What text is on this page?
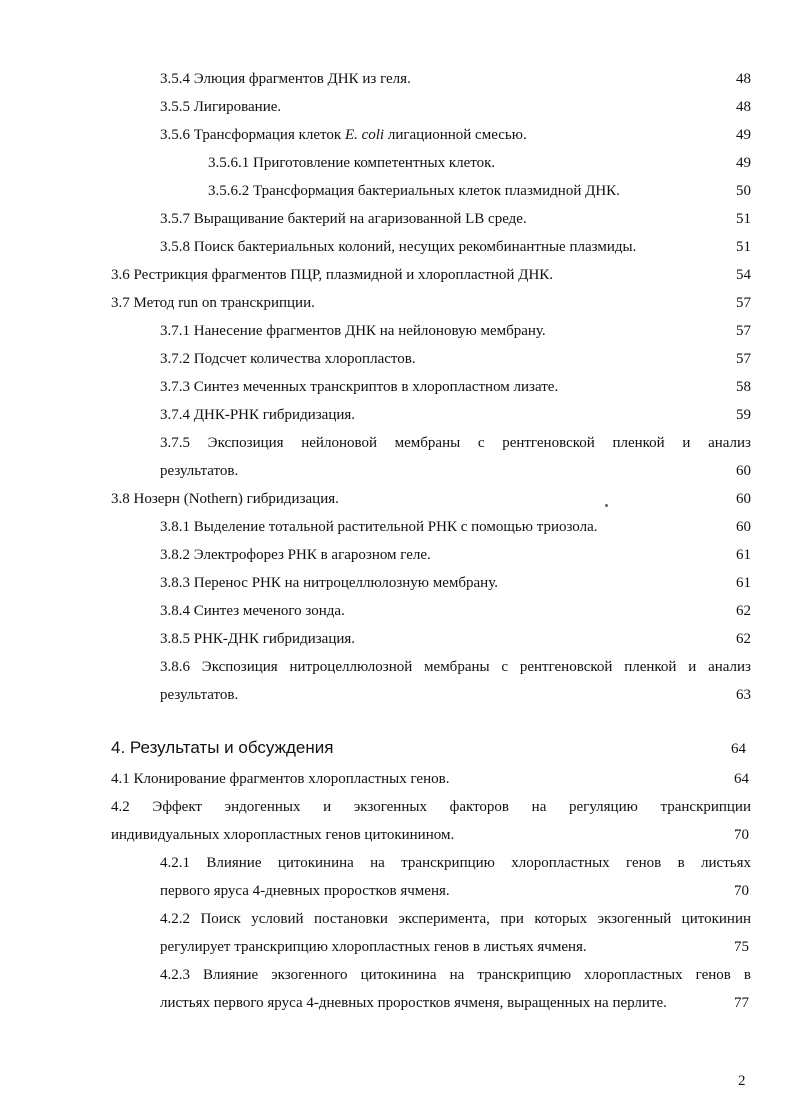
3.5.4 Элюция фрагментов ДНК из геля.	48
3.5.5 Лигирование.	48
3.5.6 Трансформация клеток E. coli лигационной смесью.	49
3.5.6.1 Приготовление компетентных клеток.	49
3.5.6.2 Трансформация бактериальных клеток плазмидной ДНК.	50
3.5.7 Выращивание бактерий на агаризованной LB среде.	51
3.5.8 Поиск бактериальных колоний, несущих рекомбинантные плазмиды.	51
3.6 Рестрикция фрагментов ПЦР, плазмидной и хлоропластной ДНК.	54
3.7 Метод run on транскрипции.	57
3.7.1 Нанесение фрагментов ДНК на нейлоновую мембрану.	57
3.7.2 Подсчет количества хлоропластов.	57
3.7.3 Синтез меченных транскриптов в хлоропластном лизате.	58
3.7.4 ДНК-РНК гибридизация.	59
3.7.5 Экспозиция нейлоновой мембраны с рентгеновской пленкой и анализ
результатов.	60
3.8 Нозерн (Nothern) гибридизация.	60
3.8.1 Выделение тотальной растительной РНК с помощью триозола.	60
3.8.2 Электрофорез РНК в агарозном геле.	61
3.8.3 Перенос РНК на нитроцеллюлозную мембрану.	61
3.8.4 Синтез меченого зонда.	62
3.8.5 РНК-ДНК гибридизация.	62
3.8.6 Экспозиция нитроцеллюлозной мембраны с рентгеновской пленкой и анализ
результатов.	63
4. Результаты и обсуждения	64
4.1 Клонирование фрагментов хлоропластных генов.	64
4.2 Эффект эндогенных и экзогенных факторов на регуляцию транскрипции
индивидуальных хлоропластных генов цитокинином.	70
4.2.1 Влияние цитокинина на транскрипцию хлоропластных генов в листьях
первого яруса 4-дневных проростков ячменя.	70
4.2.2 Поиск условий постановки эксперимента, при которых экзогенный цитокинин
регулирует транскрипцию хлоропластных генов в листьях ячменя.	75
4.2.3 Влияние экзогенного цитокинина на транскрипцию хлоропластных генов в
листьях первого яруса 4-дневных проростков ячменя, выращенных на перлите.	77
2
